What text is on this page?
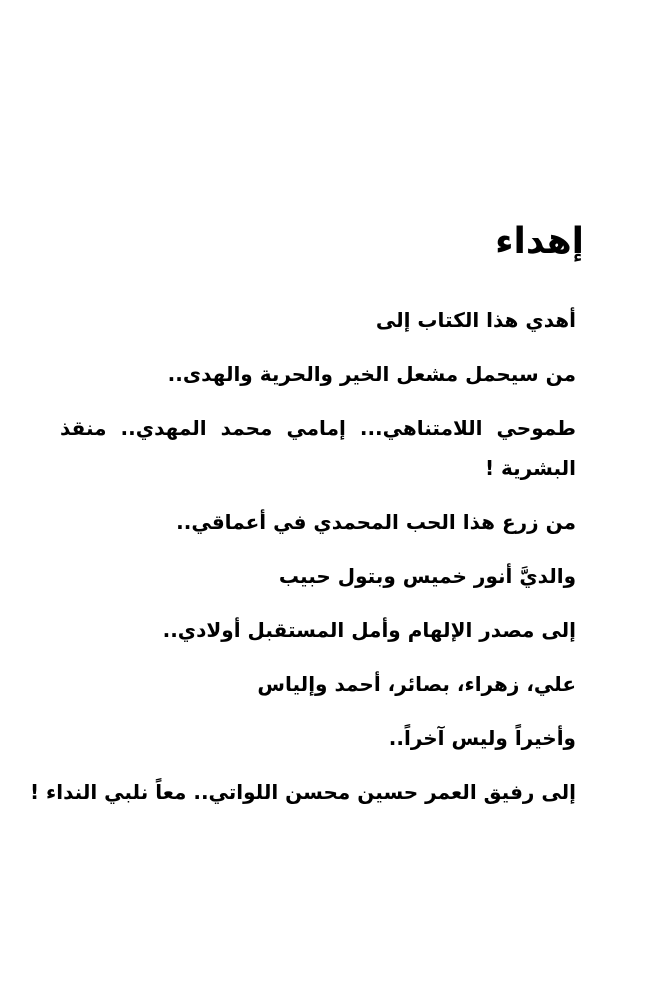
إهداء

أهدي هذا الكتاب إلى

من سيحمل مشعل الخير والحرية والهدى..

طموحي اللامتناهي... إمامي محمد المهدي.. منقذ البشرية !

من زرع هذا الحب المحمدي في أعماقي..

والديَّ أنور خميس وبتول حبيب

إلى مصدر الإلهام وأمل المستقبل أولادي..

علي، زهراء، بصائر، أحمد وإلياس

وأخيراً وليس آخراً..

إلى رفيق العمر حسين محسن اللواتي.. معاً نلبي النداء !
